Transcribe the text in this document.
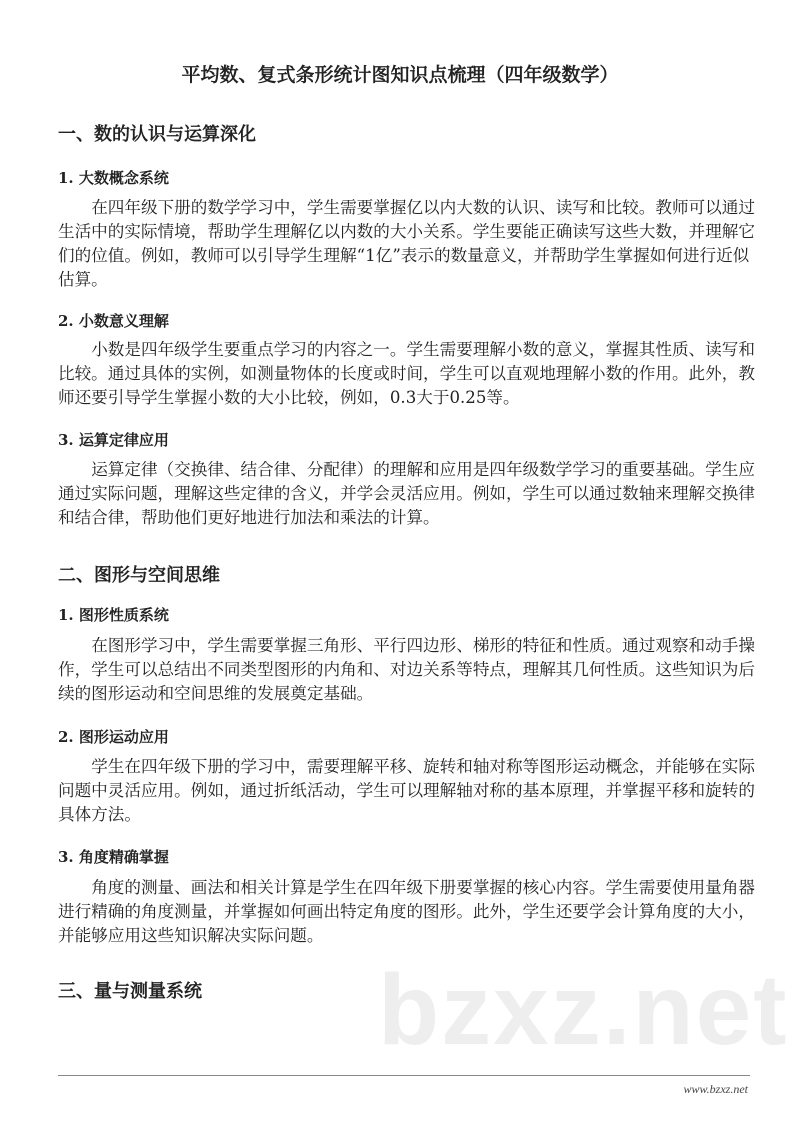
平均数、复式条形统计图知识点梳理（四年级数学）
一、数的认识与运算深化
1. 大数概念系统
在四年级下册的数学学习中，学生需要掌握亿以内大数的认识、读写和比较。教师可以通过
生活中的实际情境，帮助学生理解亿以内数的大小关系。学生要能正确读写这些大数，并理解它
们的位值。例如，教师可以引导学生理解“1亿”表示的数量意义，并帮助学生掌握如何进行近似
估算。
2. 小数意义理解
小数是四年级学生要重点学习的内容之一。学生需要理解小数的意义，掌握其性质、读写和
比较。通过具体的实例，如测量物体的长度或时间，学生可以直观地理解小数的作用。此外，教
师还要引导学生掌握小数的大小比较，例如，0.3大于0.25等。
3. 运算定律应用
运算定律（交换律、结合律、分配律）的理解和应用是四年级数学学习的重要基础。学生应
通过实际问题，理解这些定律的含义，并学会灵活应用。例如，学生可以通过数轴来理解交换律
和结合律，帮助他们更好地进行加法和乘法的计算。
二、图形与空间思维
1. 图形性质系统
在图形学习中，学生需要掌握三角形、平行四边形、梯形的特征和性质。通过观察和动手操
作，学生可以总结出不同类型图形的内角和、对边关系等特点，理解其几何性质。这些知识为后
续的图形运动和空间思维的发展奠定基础。
2. 图形运动应用
学生在四年级下册的学习中，需要理解平移、旋转和轴对称等图形运动概念，并能够在实际
问题中灵活应用。例如，通过折纸活动，学生可以理解轴对称的基本原理，并掌握平移和旋转的
具体方法。
3. 角度精确掌握
角度的测量、画法和相关计算是学生在四年级下册要掌握的核心内容。学生需要使用量角器
进行精确的角度测量，并掌握如何画出特定角度的图形。此外，学生还要学会计算角度的大小，
并能够应用这些知识解决实际问题。
三、量与测量系统	bzxz.net
www.bzxz.net
